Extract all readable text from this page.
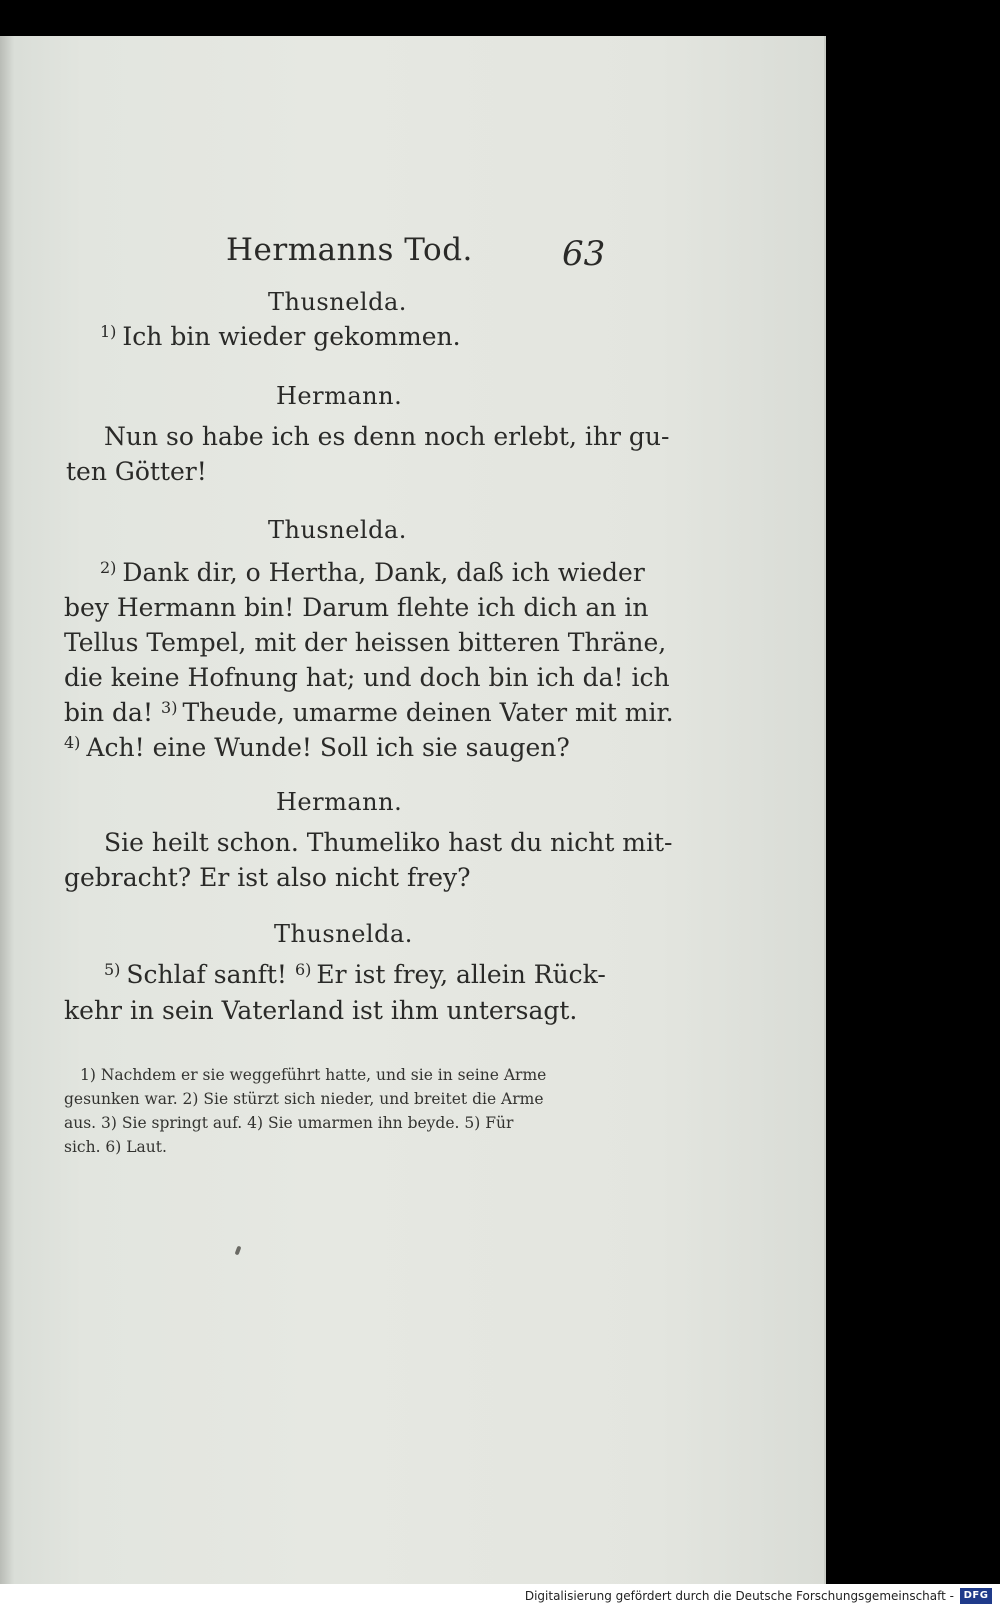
Hermanns Tod.	63
Thusnelda.
$^{1)}$ Ich bin wieder gekommen.
Hermann.
Nun so habe ich es denn noch erlebt, ihr gu-
ten Götter!
Thusnelda.
$^{2)}$ Dank dir, o Hertha, Dank, daß ich wieder
bey Hermann bin! Darum flehte ich dich an in
Tellus Tempel, mit der heissen bitteren Thräne,
die keine Hofnung hat; und doch bin ich da! ich
bin da! $^{3)}$ Theude, umarme deinen Vater mit mir.
$^{4)}$ Ach! eine Wunde! Soll ich sie saugen?
Hermann.
Sie heilt schon. Thumeliko hast du nicht mit-
gebracht? Er ist also nicht frey?
Thusnelda.
$^{5)}$ Schlaf sanft! $^{6)}$ Er ist frey, allein Rück-
kehr in sein Vaterland ist ihm untersagt.
1) Nachdem er sie weggeführt hatte, und sie in seine Arme
gesunken war. 2) Sie stürzt sich nieder, und breitet die Arme
aus. 3) Sie springt auf. 4) Sie umarmen ihn beyde. 5) Für
sich. 6) Laut.
Digitalisierung gefördert durch die Deutsche Forschungsgemeinschaft - DFG
